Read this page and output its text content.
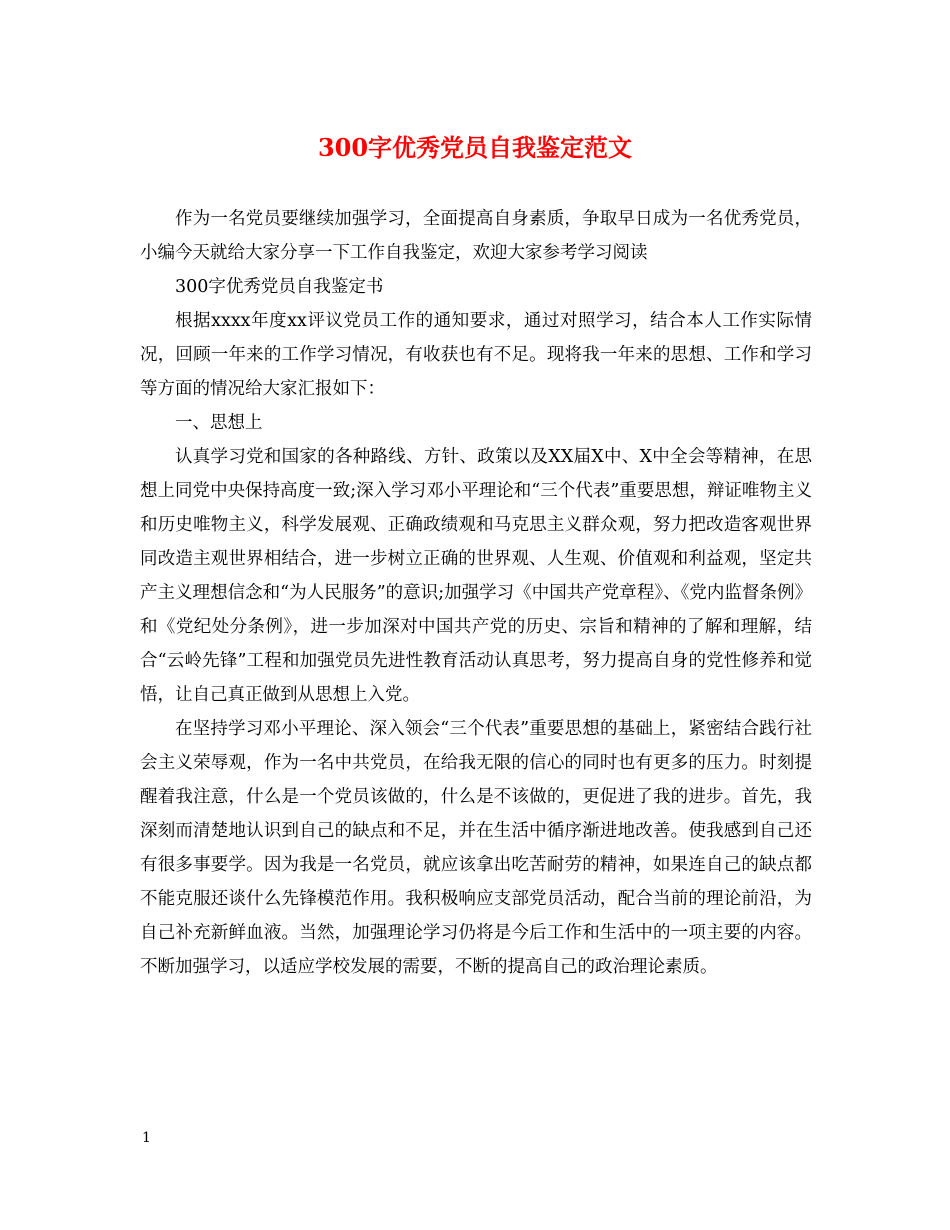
300字优秀党员自我鉴定范文

作为一名党员要继续加强学习，全面提高自身素质，争取早日成为一名优秀党员，小编今天就给大家分享一下工作自我鉴定，欢迎大家参考学习阅读

300字优秀党员自我鉴定书

根据xxxx年度xx评议党员工作的通知要求，通过对照学习，结合本人工作实际情况，回顾一年来的工作学习情况，有收获也有不足。现将我一年来的思想、工作和学习等方面的情况给大家汇报如下：

一、思想上

认真学习党和国家的各种路线、方针、政策以及XX届X中、X中全会等精神，在思想上同党中央保持高度一致;深入学习邓小平理论和“三个代表”重要思想，辩证唯物主义和历史唯物主义，科学发展观、正确政绩观和马克思主义群众观，努力把改造客观世界同改造主观世界相结合，进一步树立正确的世界观、人生观、价值观和利益观，坚定共产主义理想信念和“为人民服务”的意识;加强学习《中国共产党章程》、《党内监督条例》和《党纪处分条例》，进一步加深对中国共产党的历史、宗旨和精神的了解和理解，结合“云岭先锋”工程和加强党员先进性教育活动认真思考，努力提高自身的党性修养和觉悟，让自己真正做到从思想上入党。

在坚持学习邓小平理论、深入领会“三个代表”重要思想的基础上，紧密结合践行社会主义荣辱观，作为一名中共党员，在给我无限的信心的同时也有更多的压力。时刻提醒着我注意，什么是一个党员该做的，什么是不该做的，更促进了我的进步。首先，我深刻而清楚地认识到自己的缺点和不足，并在生活中循序渐进地改善。使我感到自己还有很多事要学。因为我是一名党员，就应该拿出吃苦耐劳的精神，如果连自己的缺点都不能克服还谈什么先锋模范作用。我积极响应支部党员活动，配合当前的理论前沿，为自己补充新鲜血液。当然，加强理论学习仍将是今后工作和生活中的一项主要的内容。不断加强学习，以适应学校发展的需要，不断的提高自己的政治理论素质。

1
